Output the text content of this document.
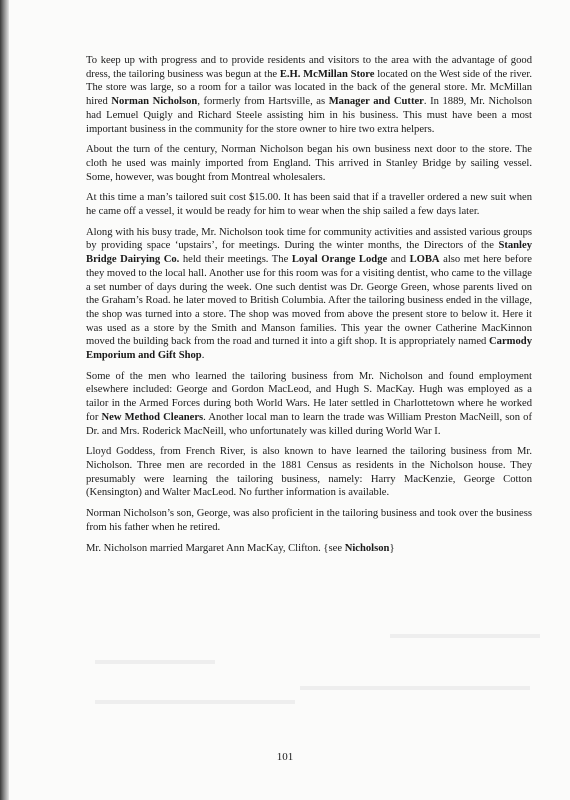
To keep up with progress and to provide residents and visitors to the area with the advantage of good dress, the tailoring business was begun at the E.H. McMillan Store located on the West side of the river. The store was large, so a room for a tailor was located in the back of the general store. Mr. McMillan hired Norman Nicholson, formerly from Hartsville, as Manager and Cutter. In 1889, Mr. Nicholson had Lemuel Quigly and Richard Steele assisting him in his business. This must have been a most important business in the community for the store owner to hire two extra helpers.

About the turn of the century, Norman Nicholson began his own business next door to the store. The cloth he used was mainly imported from England. This arrived in Stanley Bridge by sailing vessel. Some, however, was bought from Montreal wholesalers.

At this time a man’s tailored suit cost $15.00. It has been said that if a traveller ordered a new suit when he came off a vessel, it would be ready for him to wear when the ship sailed a few days later.

Along with his busy trade, Mr. Nicholson took time for community activities and assisted various groups by providing space ‘upstairs’, for meetings. During the winter months, the Directors of the Stanley Bridge Dairying Co. held their meetings. The Loyal Orange Lodge and LOBA also met here before they moved to the local hall. Another use for this room was for a visiting dentist, who came to the village a set number of days during the week. One such dentist was Dr. George Green, whose parents lived on the Graham’s Road. he later moved to British Columbia. After the tailoring business ended in the village, the shop was turned into a store. The shop was moved from above the present store to below it. Here it was used as a store by the Smith and Manson families. This year the owner Catherine MacKinnon moved the building back from the road and turned it into a gift shop. It is appropriately named Carmody Emporium and Gift Shop.

Some of the men who learned the tailoring business from Mr. Nicholson and found employment elsewhere included: George and Gordon MacLeod, and Hugh S. MacKay. Hugh was employed as a tailor in the Armed Forces during both World Wars. He later settled in Charlottetown where he worked for New Method Cleaners. Another local man to learn the trade was William Preston MacNeill, son of Dr. and Mrs. Roderick MacNeill, who unfortunately was killed during World War I.

Lloyd Goddess, from French River, is also known to have learned the tailoring business from Mr. Nicholson. Three men are recorded in the 1881 Census as residents in the Nicholson house. They presumably were learning the tailoring business, namely: Harry MacKenzie, George Cotton (Kensington) and Walter MacLeod. No further information is available.

Norman Nicholson’s son, George, was also proficient in the tailoring business and took over the business from his father when he retired.

Mr. Nicholson married Margaret Ann MacKay, Clifton. {see Nicholson}

101
